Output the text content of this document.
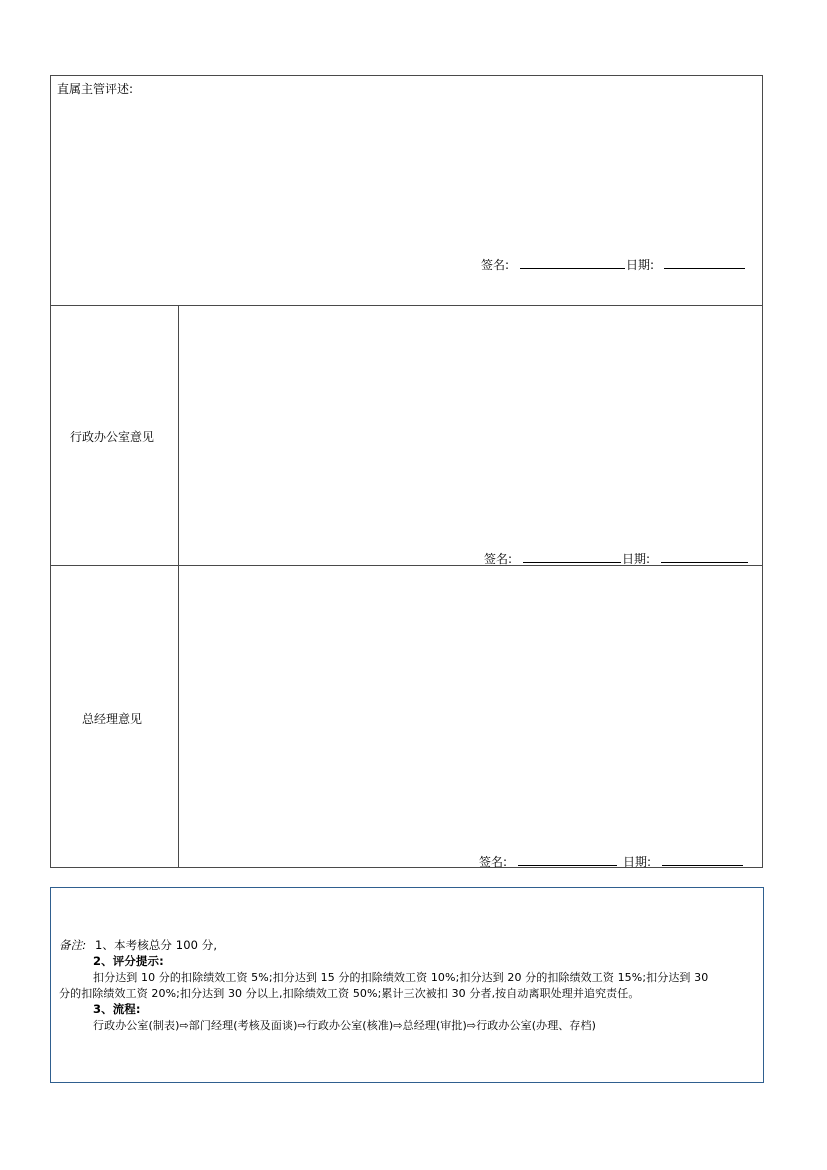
直属主管评述:
签名:	日期:
行政办公室意见
签名:	日期:
总经理意见
签名:	日期:
备注: 1、本考核总分 100 分,
2、评分提示:
扣分达到 10 分的扣除绩效工资 5%;扣分达到 15 分的扣除绩效工资 10%;扣分达到 20 分的扣除绩效工资 15%;扣分达到 30
分的扣除绩效工资 20%;扣分达到 30 分以上,扣除绩效工资 50%;累计三次被扣 30 分者,按自动离职处理并追究责任。
3、流程:
行政办公室(制表)⇨部门经理(考核及面谈)⇨行政办公室(核准)⇨总经理(审批)⇨行政办公室(办理、存档)
